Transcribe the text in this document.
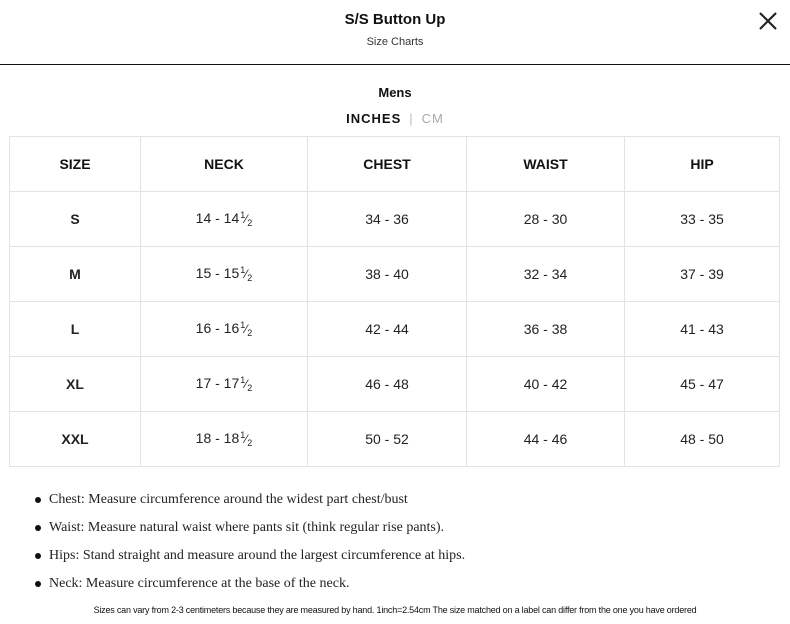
S/S Button Up
Size Charts
Mens
INCHES | CM
SIZE	NECK	CHEST	WAIST	HIP
S	$14 - 14^1⁄_2$	34 - 36	28 - 30	33 - 35
M	$15 - 15^1⁄_2$	38 - 40	32 - 34	37 - 39
L	$16 - 16^1⁄_2$	42 - 44	36 - 38	41 - 43
XL	$17 - 17^1⁄_2$	46 - 48	40 - 42	45 - 47
XXL	$18 - 18^1⁄_2$	50 - 52	44 - 46	48 - 50
Chest: Measure circumference around the widest part chest/bust
Waist: Measure natural waist where pants sit (think regular rise pants).
Hips: Stand straight and measure around the largest circumference at hips.
Neck: Measure circumference at the base of the neck.
Sizes can vary from 2-3 centimeters because they are measured by hand. 1inch=2.54cm The size matched on a label can differ from the one you have ordered
